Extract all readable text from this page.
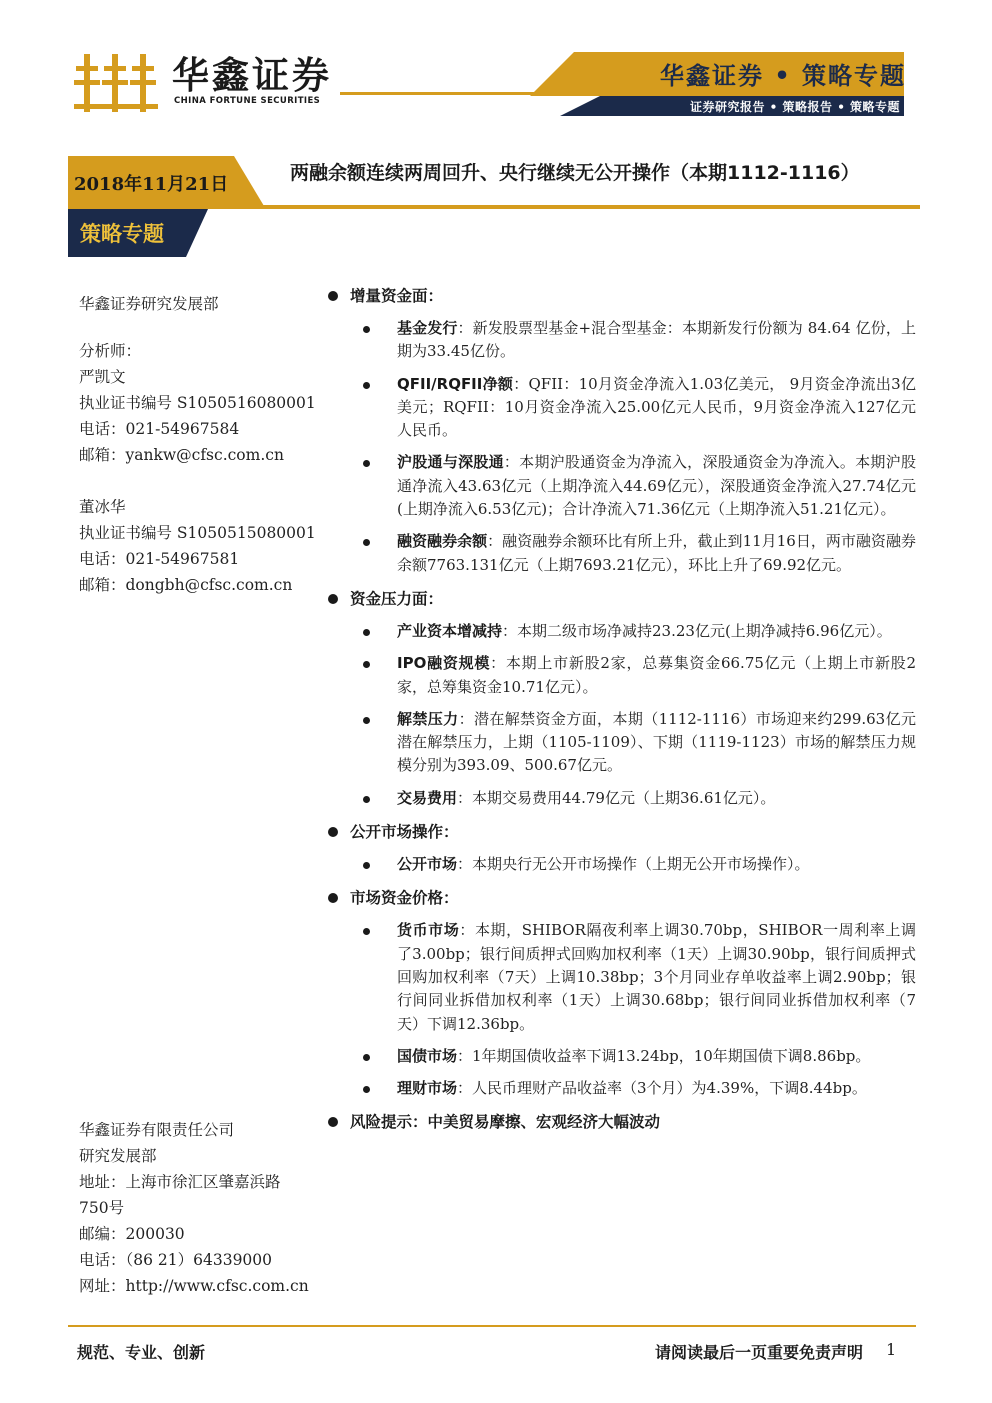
华鑫证券
CHINA FORTUNE SECURITIES
华鑫证券 • 策略专题
证券研究报告 • 策略报告 • 策略专题
2018年11月21日
两融余额连续两周回升、央行继续无公开操作（本期1112-1116）
策略专题
华鑫证券研究发展部
分析师：
严凯文
执业证书编号 S1050516080001
电话：021-54967584
邮箱：yankw@cfsc.com.cn
董冰华
执业证书编号 S1050515080001
电话：021-54967581
邮箱：dongbh@cfsc.com.cn
华鑫证券有限责任公司
研究发展部
地址：上海市徐汇区肇嘉浜路
750号
邮编：200030
电话：（86 21）64339000
网址：http://www.cfsc.com.cn
增量资金面：
基金发行：新发股票型基金+混合型基金：本期新发行份额为 84.64 亿份，上期为33.45亿份。
QFII/RQFII净额：QFII：10月资金净流入1.03亿美元， 9月资金净流出3亿美元；RQFII：10月资金净流入25.00亿元人民币，9月资金净流入127亿元人民币。
沪股通与深股通：本期沪股通资金为净流入，深股通资金为净流入。本期沪股通净流入43.63亿元（上期净流入44.69亿元），深股通资金净流入27.74亿元(上期净流入6.53亿元)；合计净流入71.36亿元（上期净流入51.21亿元）。
融资融券余额：融资融券余额环比有所上升，截止到11月16日，两市融资融券余额7763.131亿元（上期7693.21亿元），环比上升了69.92亿元。
资金压力面：
产业资本增减持：本期二级市场净减持23.23亿元(上期净减持6.96亿元）。
IPO融资规模：本期上市新股2家，总募集资金66.75亿元（上期上市新股2家，总筹集资金10.71亿元）。
解禁压力：潜在解禁资金方面，本期（1112-1116）市场迎来约299.63亿元潜在解禁压力，上期（1105-1109）、下期（1119-1123）市场的解禁压力规模分别为393.09、500.67亿元。
交易费用：本期交易费用44.79亿元（上期36.61亿元）。
公开市场操作：
公开市场：本期央行无公开市场操作（上期无公开市场操作）。
市场资金价格：
货币市场：本期，SHIBOR隔夜利率上调30.70bp，SHIBOR一周利率上调了3.00bp；银行间质押式回购加权利率（1天）上调30.90bp，银行间质押式回购加权利率（7天）上调10.38bp；3个月同业存单收益率上调2.90bp；银行间同业拆借加权利率（1天）上调30.68bp；银行间同业拆借加权利率（7天）下调12.36bp。
国债市场：1年期国债收益率下调13.24bp，10年期国债下调8.86bp。
理财市场：人民币理财产品收益率（3个月）为4.39%，下调8.44bp。
风险提示：中美贸易摩擦、宏观经济大幅波动
规范、专业、创新	请阅读最后一页重要免责声明 1
